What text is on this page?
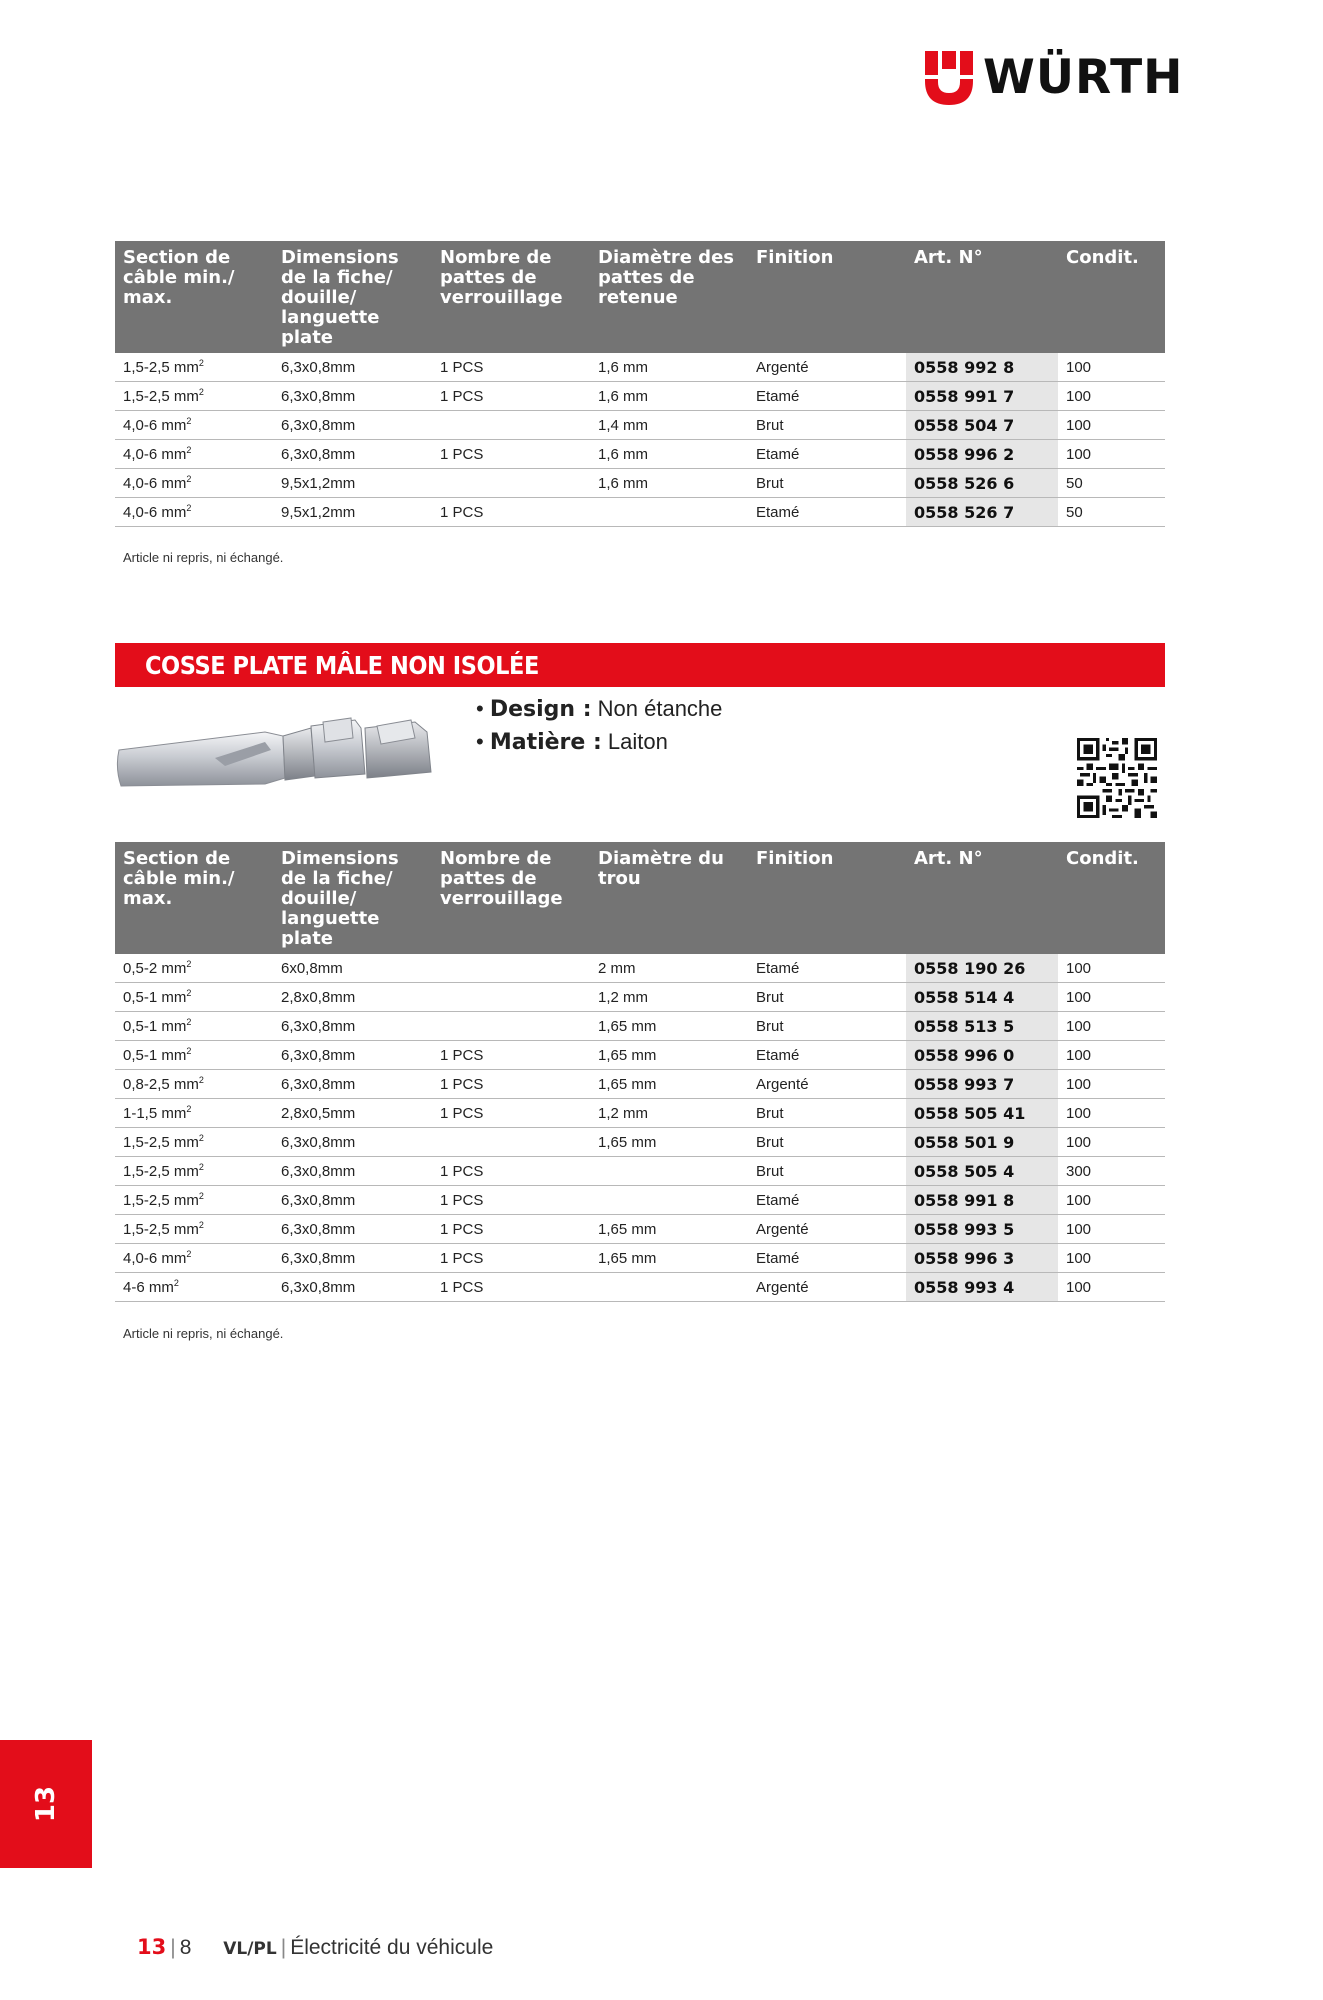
WÜRTH
Section de câble min./ max.	Dimensions de la fiche/ douille/ languette plate	Nombre de pattes de verrouillage	Diamètre des pattes de retenue	Finition	Art. N°	Condit.
1,5-2,5 $mm^2$	6,3x0,8mm	1 PCS	1,6 mm	Argenté	0558 992 8	100
1,5-2,5 $mm^2$	6,3x0,8mm	1 PCS	1,6 mm	Etamé	0558 991 7	100
4,0-6 $mm^2$	6,3x0,8mm		1,4 mm	Brut	0558 504 7	100
4,0-6 $mm^2$	6,3x0,8mm	1 PCS	1,6 mm	Etamé	0558 996 2	100
4,0-6 $mm^2$	9,5x1,2mm		1,6 mm	Brut	0558 526 6	50
4,0-6 $mm^2$	9,5x1,2mm	1 PCS		Etamé	0558 526 7	50
Article ni repris, ni échangé.
COSSE PLATE MÂLE NON ISOLÉE
• Design : Non étanche
• Matière : Laiton
Section de câble min./ max.	Dimensions de la fiche/ douille/ languette plate	Nombre de pattes de verrouillage	Diamètre du trou	Finition	Art. N°	Condit.
0,5-2 $mm^2$	6x0,8mm		2 mm	Etamé	0558 190 26	100
0,5-1 $mm^2$	2,8x0,8mm		1,2 mm	Brut	0558 514 4	100
0,5-1 $mm^2$	6,3x0,8mm		1,65 mm	Brut	0558 513 5	100
0,5-1 $mm^2$	6,3x0,8mm	1 PCS	1,65 mm	Etamé	0558 996 0	100
0,8-2,5 $mm^2$	6,3x0,8mm	1 PCS	1,65 mm	Argenté	0558 993 7	100
1-1,5 $mm^2$	2,8x0,5mm	1 PCS	1,2 mm	Brut	0558 505 41	100
1,5-2,5 $mm^2$	6,3x0,8mm		1,65 mm	Brut	0558 501 9	100
1,5-2,5 $mm^2$	6,3x0,8mm	1 PCS		Brut	0558 505 4	300
1,5-2,5 $mm^2$	6,3x0,8mm	1 PCS		Etamé	0558 991 8	100
1,5-2,5 $mm^2$	6,3x0,8mm	1 PCS	1,65 mm	Argenté	0558 993 5	100
4,0-6 $mm^2$	6,3x0,8mm	1 PCS	1,65 mm	Etamé	0558 996 3	100
4-6 $mm^2$	6,3x0,8mm	1 PCS		Argenté	0558 993 4	100
Article ni repris, ni échangé.
13
13 | 8 VL/PL | Électricité du véhicule
